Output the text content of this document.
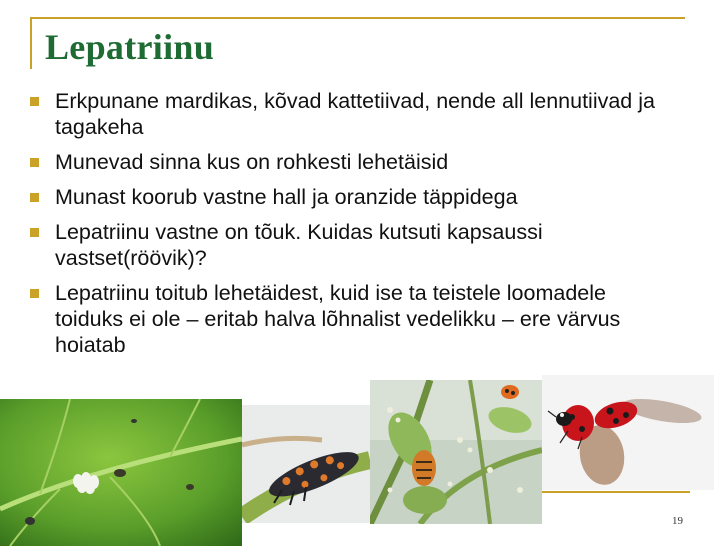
Lepatriinu
Erkpunane mardikas, kõvad kattetiivad, nende all lennutiivad ja tagakeha
Munevad sinna kus on rohkesti lehetäisid
Munast koorub vastne hall ja oranzide täppidega
Lepatriinu vastne on tõuk. Kuidas kutsuti kapsaussi vastset(röövik)?
Lepatriinu toitub lehetäidest, kuid ise ta teistele loomadele toiduks ei ole – eritab halva lõhnalist vedelikku – ere värvus hoiatab
19
